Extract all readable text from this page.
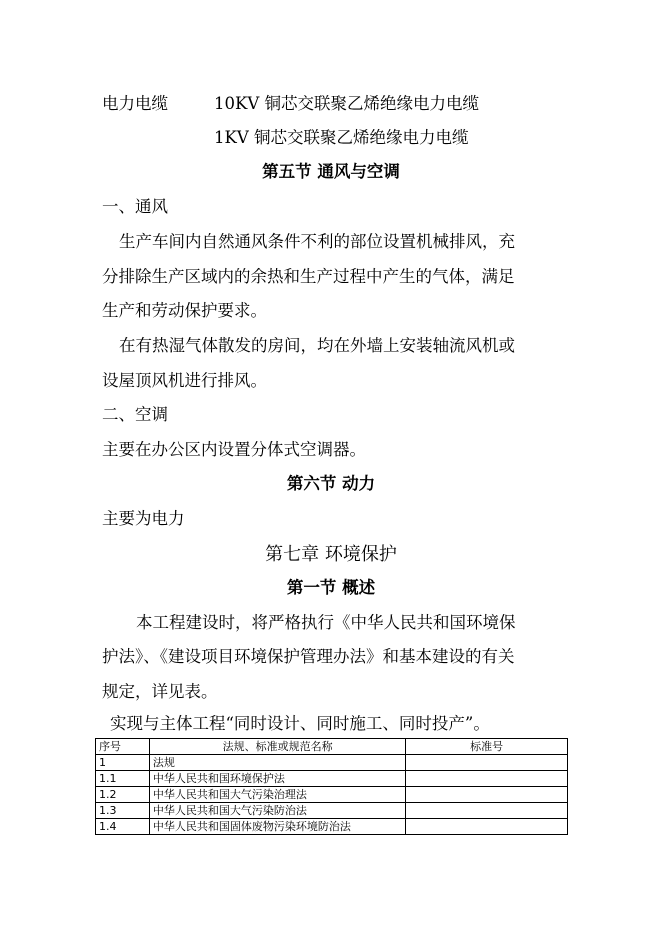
电力电缆	10KV 铜芯交联聚乙烯绝缘电力电缆
1KV 铜芯交联聚乙烯绝缘电力电缆
第五节 通风与空调
一、通风
生产车间内自然通风条件不利的部位设置机械排风，充
分排除生产区域内的余热和生产过程中产生的气体，满足
生产和劳动保护要求。
在有热湿气体散发的房间，均在外墙上安装轴流风机或
设屋顶风机进行排风。
二、空调
主要在办公区内设置分体式空调器。
第六节 动力
主要为电力
第七章 环境保护
第一节 概述
本工程建设时，将严格执行《中华人民共和国环境保
护法》、《建设项目环境保护管理办法》和基本建设的有关
规定，详见表。
实现与主体工程“同时设计、同时施工、同时投产”。
序号	法规、标准或规范名称	标准号
1	法规	
1.1	中华人民共和国环境保护法	
1.2	中华人民共和国大气污染治理法	
1.3	中华人民共和国大气污染防治法	
1.4	中华人民共和国固体废物污染环境防治法	
